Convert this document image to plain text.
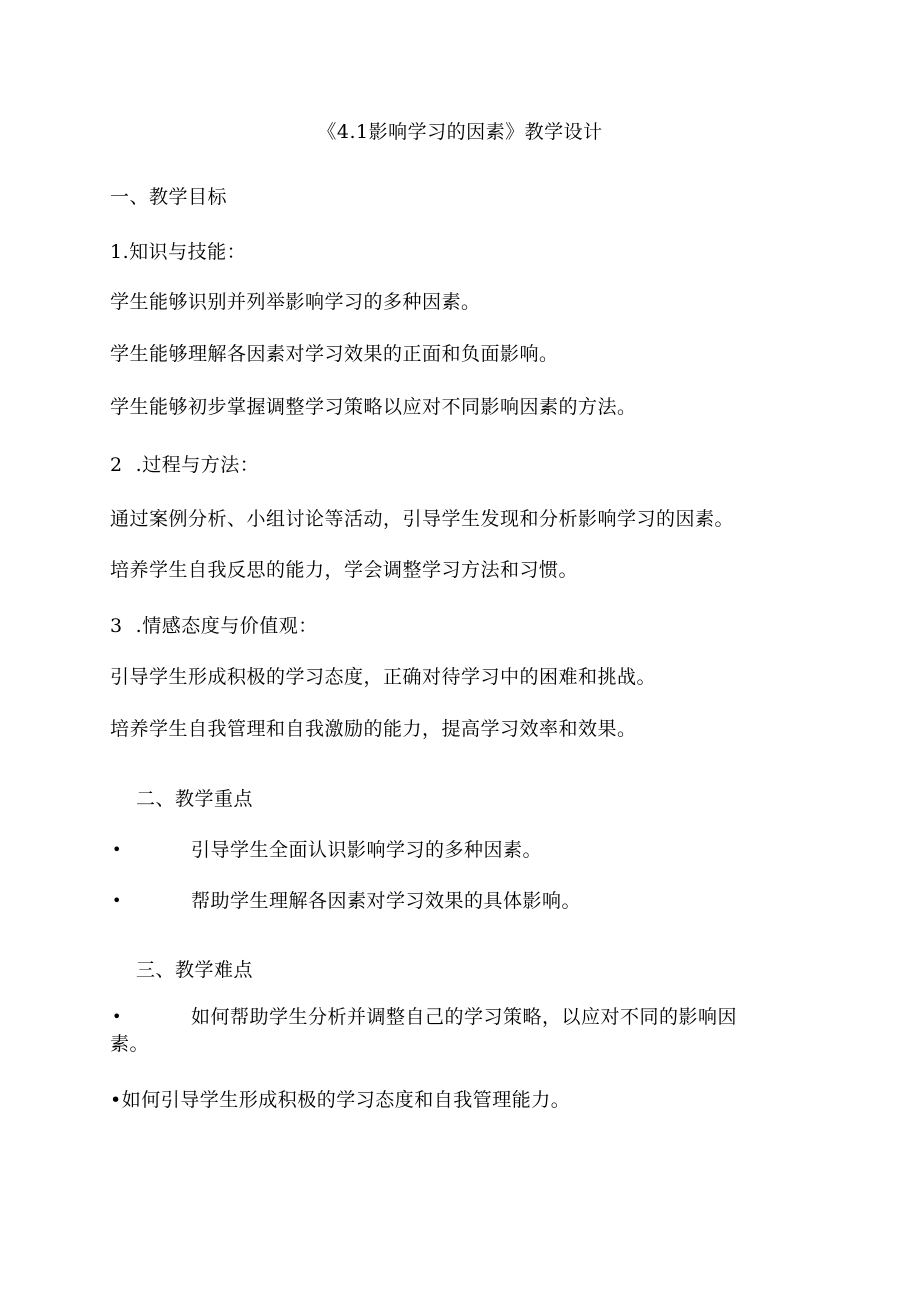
《4.1影响学习的因素》教学设计
一、教学目标
1.知识与技能：
学生能够识别并列举影响学习的多种因素。
学生能够理解各因素对学习效果的正面和负面影响。
学生能够初步掌握调整学习策略以应对不同影响因素的方法。
2  .过程与方法：
通过案例分析、小组讨论等活动，引导学生发现和分析影响学习的因素。
培养学生自我反思的能力，学会调整学习方法和习惯。
3  .情感态度与价值观：
引导学生形成积极的学习态度，正确对待学习中的困难和挑战。
培养学生自我管理和自我激励的能力，提高学习效率和效果。
二、教学重点
•	引导学生全面认识影响学习的多种因素。
•	帮助学生理解各因素对学习效果的具体影响。
三、教学难点
•	如何帮助学生分析并调整自己的学习策略，以应对不同的影响因
素。
•如何引导学生形成积极的学习态度和自我管理能力。
